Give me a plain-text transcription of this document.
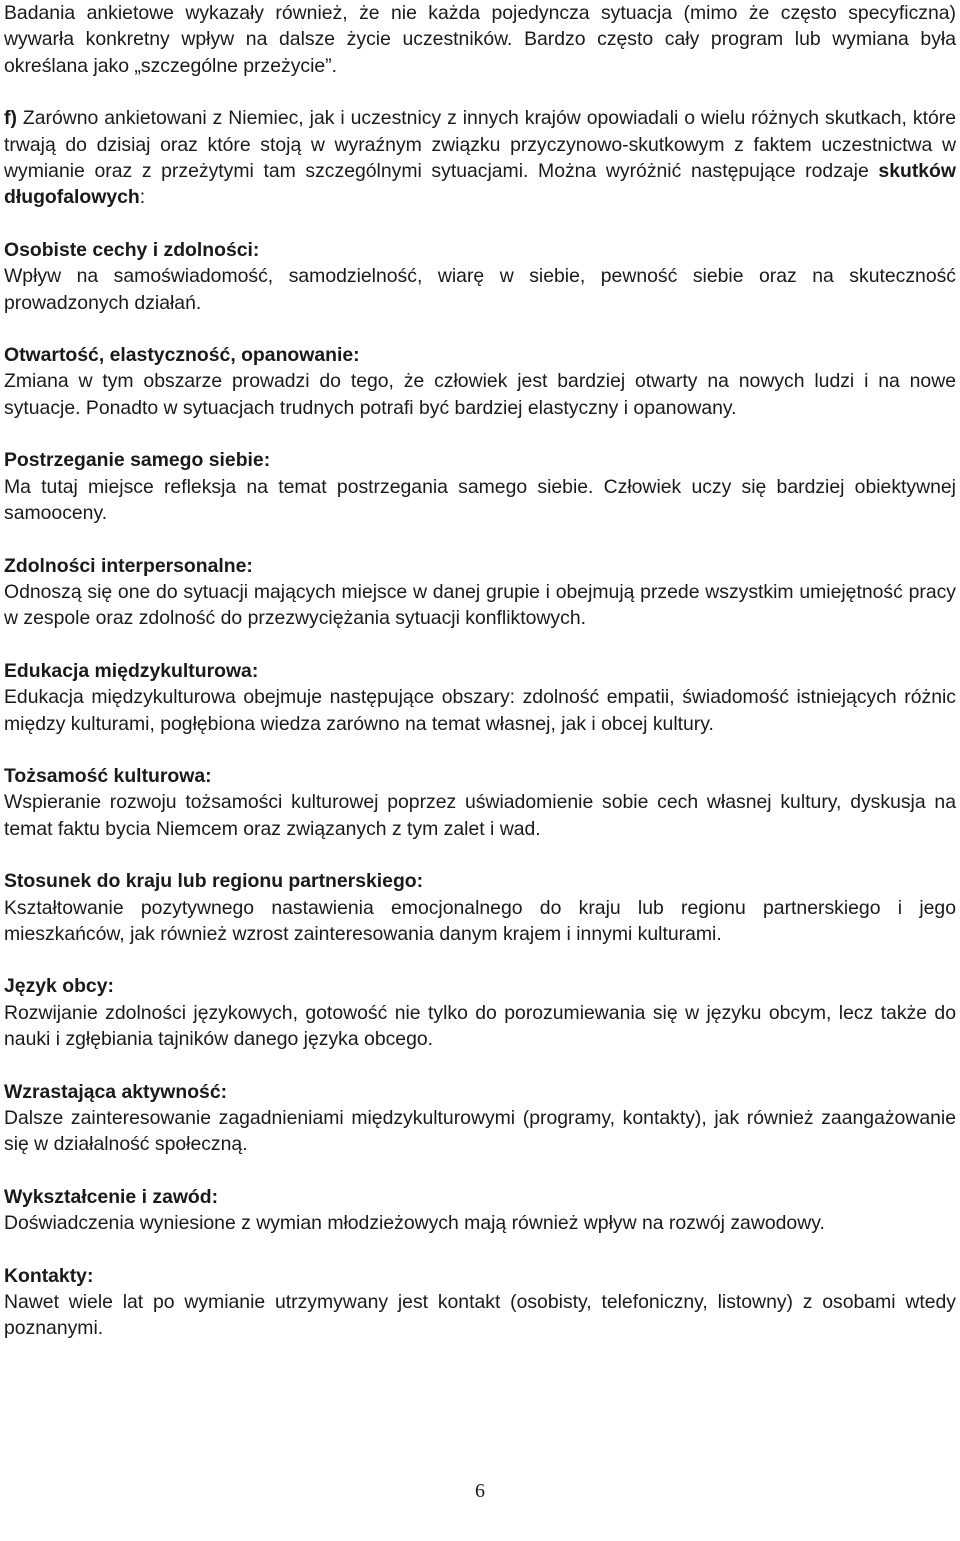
Badania ankietowe wykazały również, że nie każda pojedyncza sytuacja (mimo że często specyficzna) wywarła konkretny wpływ na dalsze życie uczestników. Bardzo często cały program lub wymiana była określana jako „szczególne przeżycie”.

f) Zarówno ankietowani z Niemiec, jak i uczestnicy z innych krajów opowiadali o wielu różnych skutkach, które trwają do dzisiaj oraz które stoją w wyraźnym związku przyczynowo-skutkowym z faktem uczestnictwa w wymianie oraz z przeżytymi tam szczególnymi sytuacjami. Można wyróżnić następujące rodzaje skutków długofalowych:

Osobiste cechy i zdolności:

Wpływ na samoświadomość, samodzielność, wiarę w siebie, pewność siebie oraz na skuteczność prowadzonych działań.

Otwartość, elastyczność, opanowanie:

Zmiana w tym obszarze prowadzi do tego, że człowiek jest bardziej otwarty na nowych ludzi i na nowe sytuacje. Ponadto w sytuacjach trudnych potrafi być bardziej elastyczny i opanowany.

Postrzeganie samego siebie:

Ma tutaj miejsce refleksja na temat postrzegania samego siebie. Człowiek uczy się bardziej obiektywnej samooceny.

Zdolności interpersonalne:

Odnoszą się one do sytuacji mających miejsce w danej grupie i obejmują przede wszystkim umiejętność pracy w zespole oraz zdolność do przezwyciężania sytuacji konfliktowych.

Edukacja międzykulturowa:

Edukacja międzykulturowa obejmuje następujące obszary: zdolność empatii, świadomość istniejących różnic między kulturami, pogłębiona wiedza zarówno na temat własnej, jak i obcej kultury.

Tożsamość kulturowa:

Wspieranie rozwoju tożsamości kulturowej poprzez uświadomienie sobie cech własnej kultury, dyskusja na temat faktu bycia Niemcem oraz związanych z tym zalet i wad.

Stosunek do kraju lub regionu partnerskiego:

Kształtowanie pozytywnego nastawienia emocjonalnego do kraju lub regionu partnerskiego i jego mieszkańców, jak również wzrost zainteresowania danym krajem i innymi kulturami.

Język obcy:

Rozwijanie zdolności językowych, gotowość nie tylko do porozumiewania się w języku obcym, lecz także do nauki i zgłębiania tajników danego języka obcego.

Wzrastająca aktywność:

Dalsze zainteresowanie zagadnieniami międzykulturowymi (programy, kontakty), jak również zaangażowanie się w działalność społeczną.

Wykształcenie i zawód:

Doświadczenia wyniesione z wymian młodzieżowych mają również wpływ na rozwój zawodowy.

Kontakty:

Nawet wiele lat po wymianie utrzymywany jest kontakt (osobisty, telefoniczny, listowny) z osobami wtedy poznanymi.

6
